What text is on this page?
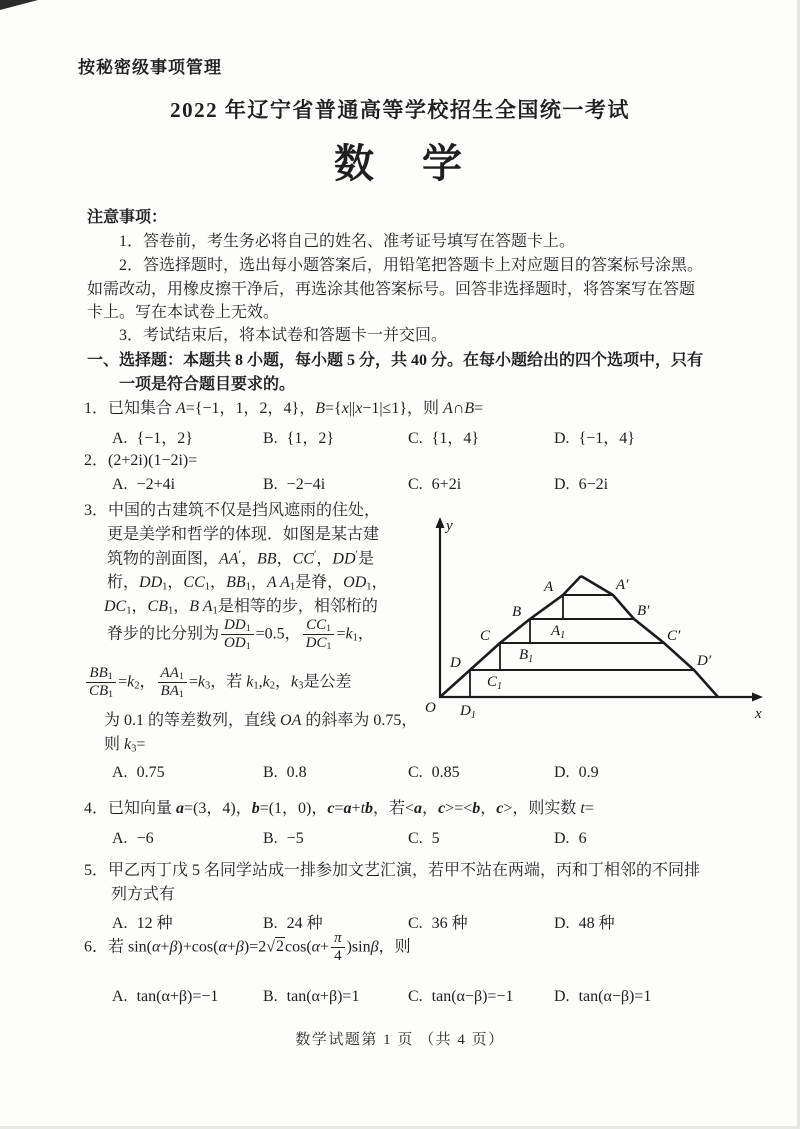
按秘密级事项管理
2022 年辽宁省普通高等学校招生全国统一考试
数　学
注意事项：
1．答卷前，考生务必将自己的姓名、准考证号填写在答题卡上。
2．答选择题时，选出每小题答案后，用铅笔把答题卡上对应题目的答案标号涂黑。
如需改动，用橡皮擦干净后，再选涂其他答案标号。回答非选择题时，将答案写在答题
卡上。写在本试卷上无效。
3．考试结束后，将本试卷和答题卡一并交回。
一、选择题：本题共 8 小题，每小题 5 分，共 40 分。在每小题给出的四个选项中，只有
一项是符合题目要求的。
1．已知集合 A={−1，1，2，4}，B={x||x−1|≤1}，则 A∩B=
A. {−1，2}	B. {1，2}	C. {1，4}	D. {−1，4}
2．(2+2i)(1−2i)=
A. −2+4i	B. −2−4i	C. 6+2i	D. 6−2i
3．中国的古建筑不仅是挡风遮雨的住处，
更是美学和哲学的体现．如图是某古建
筑物的剖面图，AA′，BB，CC′，DD′是
桁，DD1，CC1，BB1，A A1是脊，OD1，
DC1，CB1，B A1是相等的步，相邻桁的
脊步的比分别为 $\frac{DD1}{OD1} =0.5$， $\frac{CC1}{DC1} =k1$，
$\frac{BB1}{CB1} =k2$， $\frac{AA1}{BA1} =k3$，若 k1,k2，k3是公差
为 0.1 的等差数列，直线 OA 的斜率为 0.75，
则 k3=
y
x
O
A	A′
B	B′
C	C′
D	D′
$A_1$
$B_1$
$C_1$
$D_1$
A. 0.75	B. 0.8	C. 0.85	D. 0.9
4．已知向量 a=(3，4)，b=(1，0)，c=a+tb，若<a，c>=<b，c>，则实数 t=
A. −6	B. −5	C. 5	D. 6
5．甲乙丙丁戊 5 名同学站成一排参加文艺汇演，若甲不站在两端，丙和丁相邻的不同排
列方式有
A. 12 种	B. 24 种	C. 36 种	D. 48 种
6．若 $\sin(\alpha+\beta)+\cos(\alpha+\beta)=2√2\cos(\alpha+ \frac{\pi}{4} )\sin\beta$，则
A. tan(α+β)=−1	B. tan(α+β)=1	C. tan(α−β)=−1	D. tan(α−β)=1
数学试题第 1 页 （共 4 页）
